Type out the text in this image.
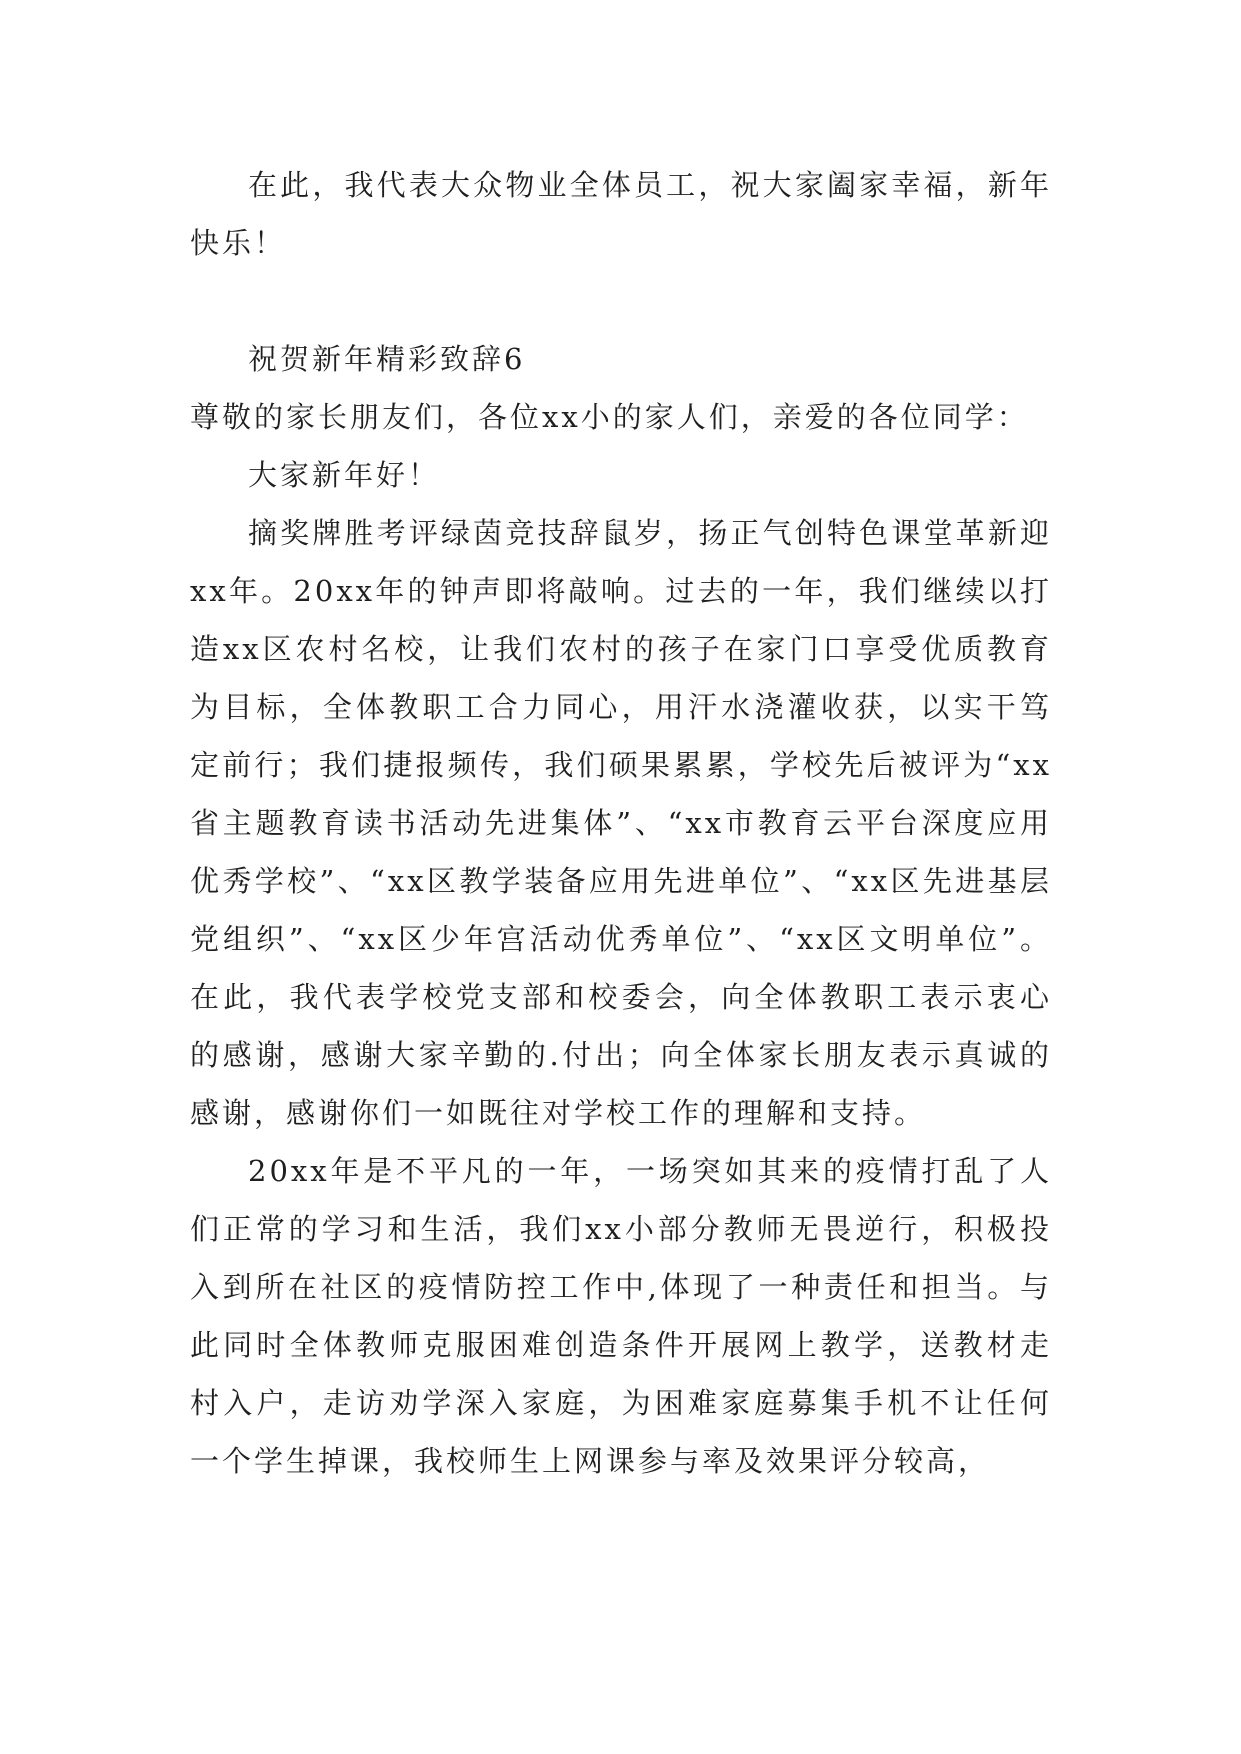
在此，我代表大众物业全体员工，祝大家阖家幸福，新年快乐！

祝贺新年精彩致辞6

尊敬的家长朋友们，各位xx小的家人们，亲爱的各位同学：

大家新年好！

摘奖牌胜考评绿茵竞技辞鼠岁，扬正气创特色课堂革新迎xx年。20xx年的钟声即将敲响。过去的一年，我们继续以打造xx区农村名校，让我们农村的孩子在家门口享受优质教育为目标，全体教职工合力同心，用汗水浇灌收获，以实干笃定前行；我们捷报频传，我们硕果累累，学校先后被评为“xx省主题教育读书活动先进集体”、“xx市教育云平台深度应用优秀学校”、“xx区教学装备应用先进单位”、“xx区先进基层党组织”、“xx区少年宫活动优秀单位”、“xx区文明单位”。在此，我代表学校党支部和校委会，向全体教职工表示衷心的感谢，感谢大家辛勤的.付出；向全体家长朋友表示真诚的感谢，感谢你们一如既往对学校工作的理解和支持。

20xx年是不平凡的一年，一场突如其来的疫情打乱了人们正常的学习和生活，我们xx小部分教师无畏逆行，积极投入到所在社区的疫情防控工作中,体现了一种责任和担当。与此同时全体教师克服困难创造条件开展网上教学，送教材走村入户，走访劝学深入家庭，为困难家庭募集手机不让任何一个学生掉课，我校师生上网课参与率及效果评分较高，
